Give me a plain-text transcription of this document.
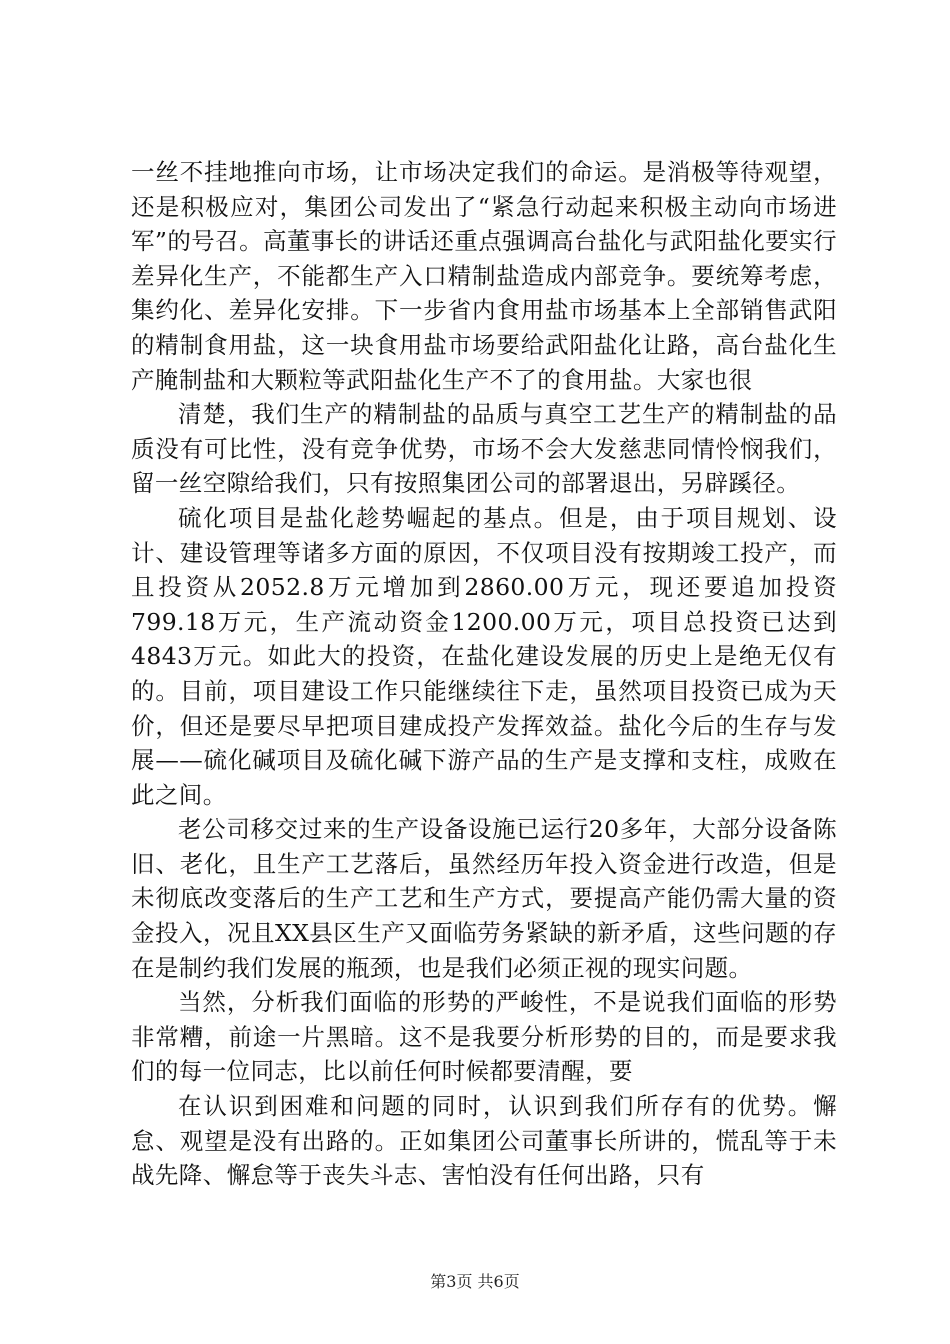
一丝不挂地推向市场，让市场决定我们的命运。是消极等待观望，还是积极应对，集团公司发出了“紧急行动起来积极主动向市场进军”的号召。高董事长的讲话还重点强调高台盐化与武阳盐化要实行差异化生产，不能都生产入口精制盐造成内部竞争。要统筹考虑，集约化、差异化安排。下一步省内食用盐市场基本上全部销售武阳的精制食用盐，这一块食用盐市场要给武阳盐化让路，高台盐化生产腌制盐和大颗粒等武阳盐化生产不了的食用盐。大家也很

清楚，我们生产的精制盐的品质与真空工艺生产的精制盐的品质没有可比性，没有竞争优势，市场不会大发慈悲同情怜悯我们，留一丝空隙给我们，只有按照集团公司的部署退出，另辟蹊径。

硫化项目是盐化趁势崛起的基点。但是，由于项目规划、设计、建设管理等诸多方面的原因，不仅项目没有按期竣工投产，而且投资从2052.8万元增加到2860.00万元，现还要追加投资799.18万元，生产流动资金1200.00万元，项目总投资已达到4843万元。如此大的投资，在盐化建设发展的历史上是绝无仅有的。目前，项目建设工作只能继续往下走，虽然项目投资已成为天价，但还是要尽早把项目建成投产发挥效益。盐化今后的生存与发展——硫化碱项目及硫化碱下游产品的生产是支撑和支柱，成败在此之间。

老公司移交过来的生产设备设施已运行20多年，大部分设备陈旧、老化，且生产工艺落后，虽然经历年投入资金进行改造，但是未彻底改变落后的生产工艺和生产方式，要提高产能仍需大量的资金投入，况且XX县区生产又面临劳务紧缺的新矛盾，这些问题的存在是制约我们发展的瓶颈，也是我们必须正视的现实问题。

当然，分析我们面临的形势的严峻性，不是说我们面临的形势非常糟，前途一片黑暗。这不是我要分析形势的目的，而是要求我们的每一位同志，比以前任何时候都要清醒，要

在认识到困难和问题的同时，认识到我们所存有的优势。懈怠、观望是没有出路的。正如集团公司董事长所讲的，慌乱等于未战先降、懈怠等于丧失斗志、害怕没有任何出路，只有

第3页 共6页
